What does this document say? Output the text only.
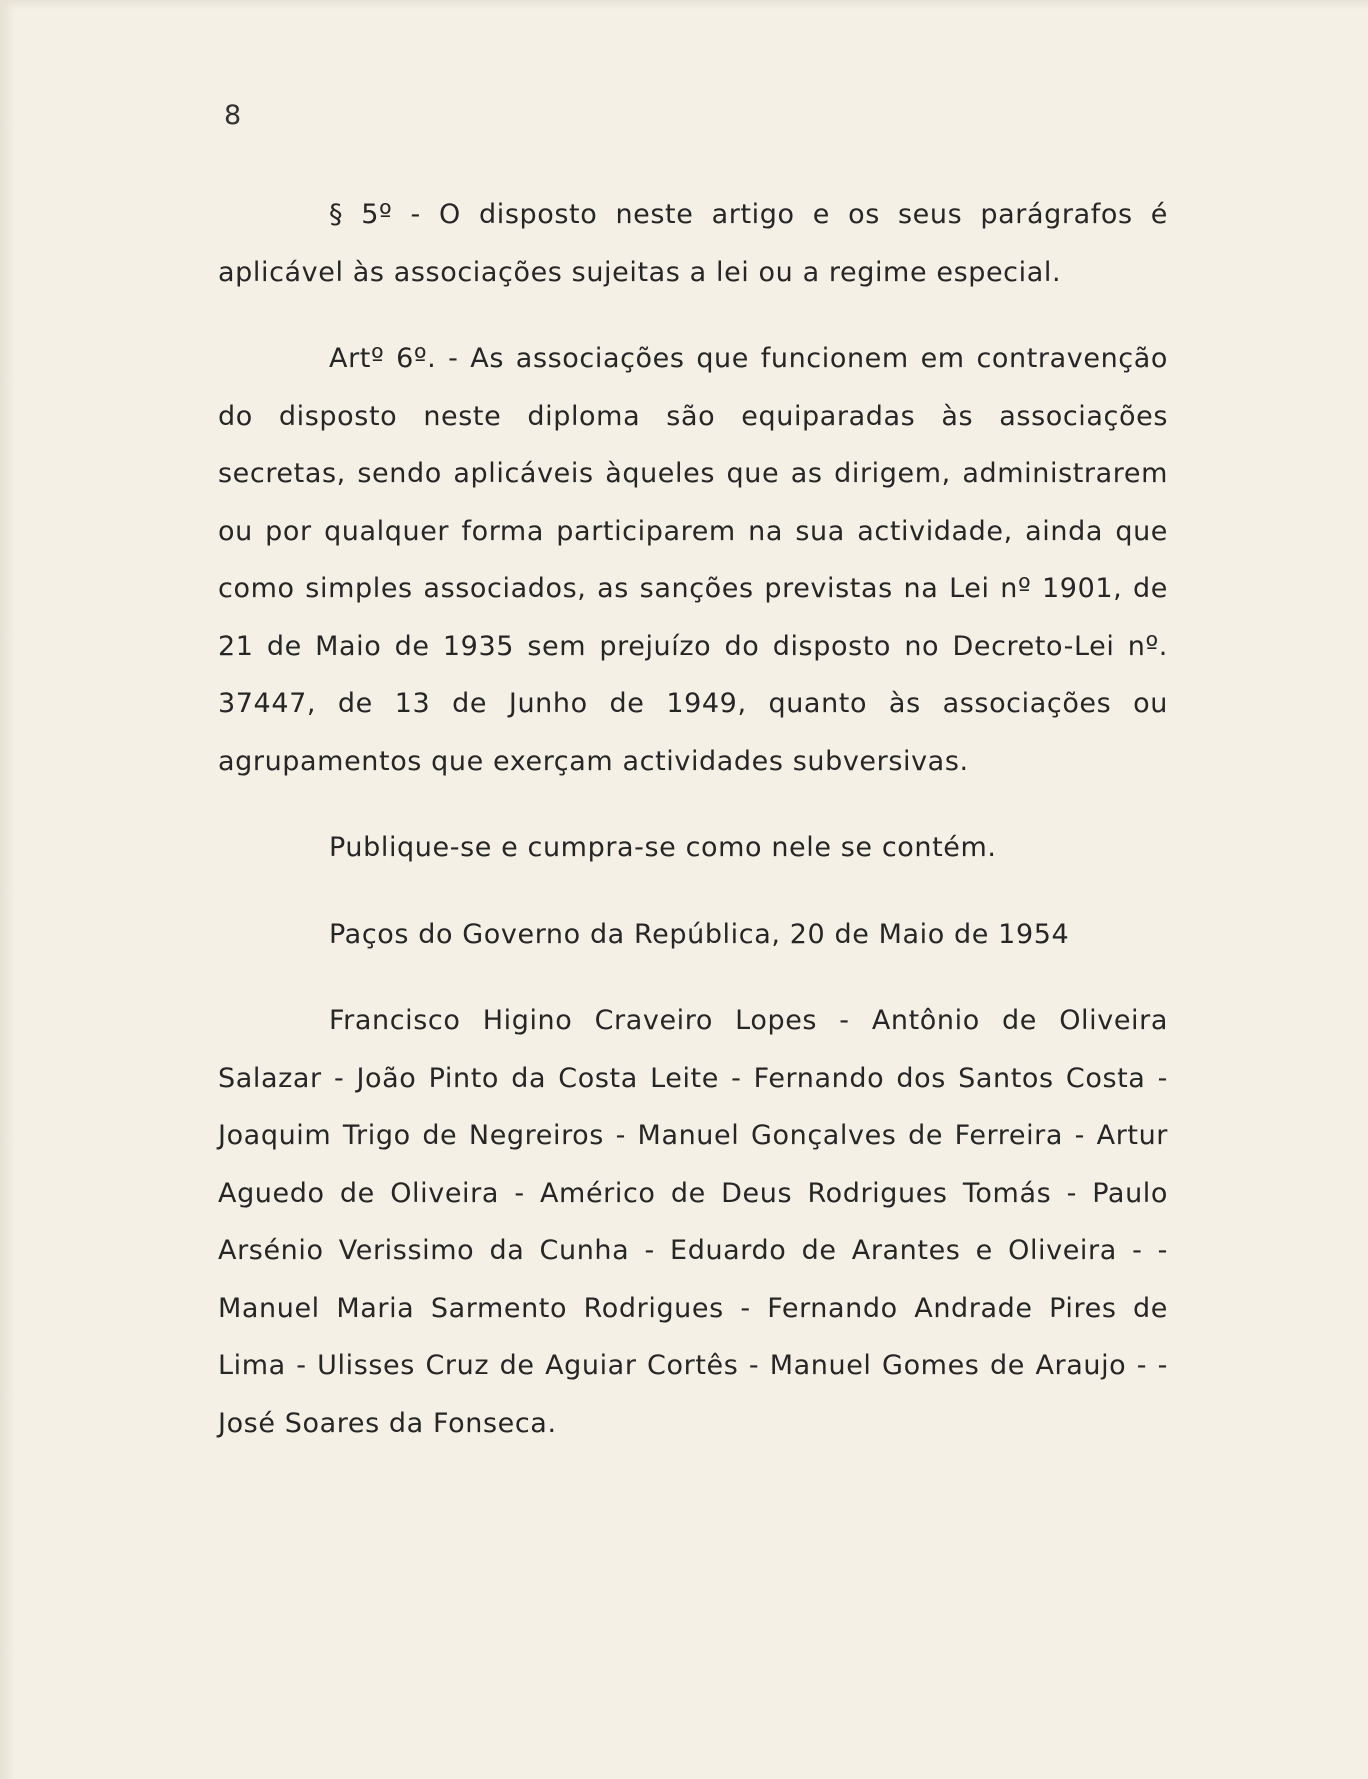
8

§ 5º - O disposto neste artigo e os seus parágrafos é aplicável às associações sujeitas a lei ou a regime especial.

Artº 6º. - As associações que funcionem em contravenção do disposto neste diploma são equiparadas às associações secretas, sendo aplicáveis àqueles que as dirigem, administrarem ou por qualquer forma participarem na sua actividade, ainda que como simples associados, as sanções previstas na Lei nº 1901, de 21 de Maio de 1935 sem prejuízo do disposto no Decreto-Lei nº. 37447, de 13 de Junho de 1949, quanto às associações ou agrupamentos que exerçam actividades subversivas.

Publique-se e cumpra-se como nele se contém.

Paços do Governo da República, 20 de Maio de 1954

Francisco Higino Craveiro Lopes - Antônio de Oliveira Salazar - João Pinto da Costa Leite - Fernando dos Santos Costa - Joaquim Trigo de Negreiros - Manuel Gonçalves de Ferreira - Artur Aguedo de Oliveira - Américo de Deus Rodrigues Tomás - Paulo Arsénio Verissimo da Cunha - Eduardo de Arantes e Oliveira - - Manuel Maria Sarmento Rodrigues - Fernando Andrade Pires de Lima - Ulisses Cruz de Aguiar Cortês - Manuel Gomes de Araujo - - José Soares da Fonseca.
